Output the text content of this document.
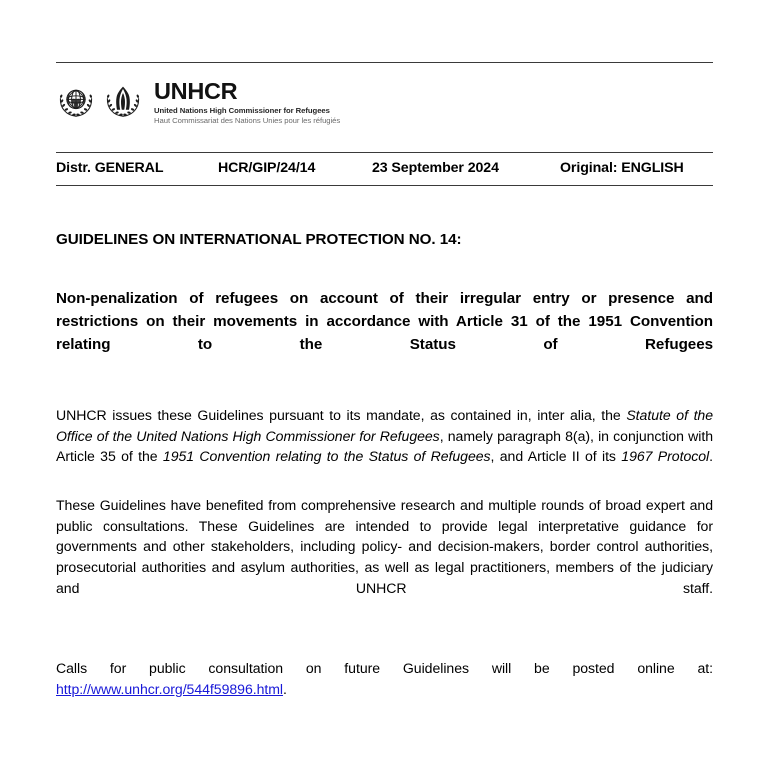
UNHCR
United Nations High Commissioner for Refugees
Haut Commissariat des Nations Unies pour les réfugiés
Distr. GENERAL	HCR/GIP/24/14	23 September 2024	Original: ENGLISH
GUIDELINES ON INTERNATIONAL PROTECTION NO. 14:
Non-penalization of refugees on account of their irregular entry or presence and restrictions on their movements in accordance with Article 31 of the 1951 Convention relating to the Status of Refugees
UNHCR issues these Guidelines pursuant to its mandate, as contained in, inter alia, the Statute of the Office of the United Nations High Commissioner for Refugees, namely paragraph 8(a), in conjunction with Article 35 of the 1951 Convention relating to the Status of Refugees, and Article II of its 1967 Protocol.
These Guidelines have benefited from comprehensive research and multiple rounds of broad expert and public consultations. These Guidelines are intended to provide legal interpretative guidance for governments and other stakeholders, including policy- and decision-makers, border control authorities, prosecutorial authorities and asylum authorities, as well as legal practitioners, members of the judiciary and UNHCR staff.
Calls for public consultation on future Guidelines will be posted online at: http://www.unhcr.org/544f59896.html.
